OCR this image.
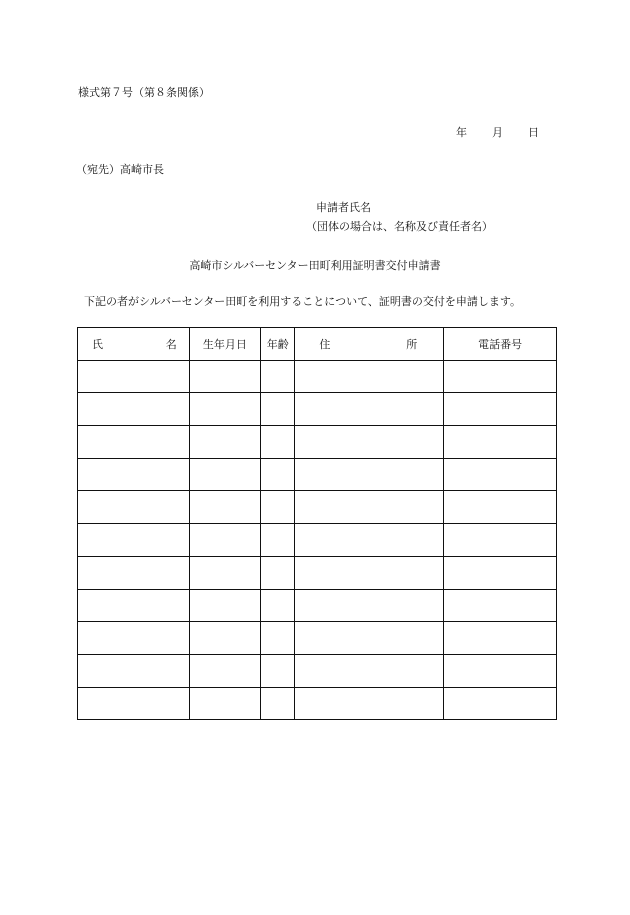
様式第７号（第８条関係）
年 月 日
（宛先）高崎市長
申請者氏名
（団体の場合は、名称及び責任者名）
高崎市シルバーセンター田町利用証明書交付申請書
下記の者がシルバーセンター田町を利用することについて、証明書の交付を申請します。
氏 名	生年月日	年齢	住 所	電話番号
